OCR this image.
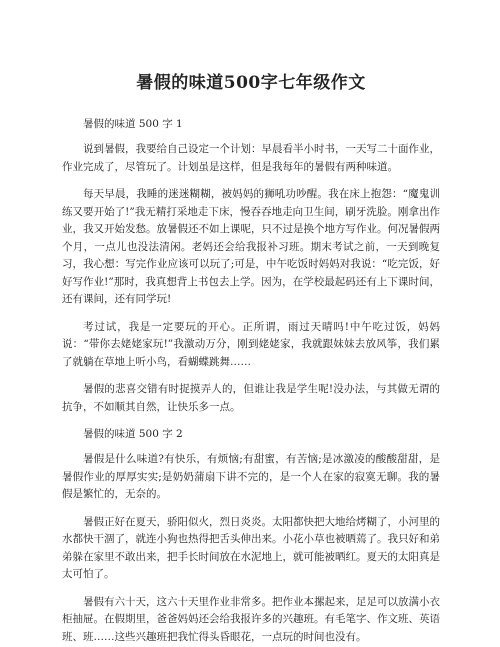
暑假的味道500字七年级作文

暑假的味道 500 字 1

说到暑假，我要给自己设定一个计划：早晨看半小时书，一天写二十面作业，作业完成了，尽管玩了。计划虽是这样，但是我每年的暑假有两种味道。

每天早晨，我睡的迷迷糊糊，被妈妈的狮吼功吵醒。我在床上抱怨：“魔鬼训练又要开始了!”我无精打采地走下床，慢吞吞地走向卫生间，刷牙洗脸。刚拿出作业，我又开始发愁。放暑假还不如上课呢，只不过是换个地方写作业。何况暑假两个月，一点儿也没法清闲。老妈还会给我报补习班。期末考试之前，一天到晚复习，我心想：写完作业应该可以玩了;可是，中午吃饭时妈妈对我说：“吃完饭，好好写作业!”那时，我真想背上书包去上学。因为，在学校最起码还有上下课时间，还有课间，还有同学玩!

考过试，我是一定要玩的开心。正所谓，雨过天晴吗!中午吃过饭，妈妈说：“带你去姥姥家玩!”我激动万分，刚到姥姥家，我就跟妹妹去放风筝，我们累了就躺在草地上听小鸟，看蝴蝶跳舞……

暑假的悲喜交错有时捉摸弄人的，但谁让我是学生呢!没办法，与其做无谓的抗争，不如顺其自然，让快乐多一点。

暑假的味道 500 字 2

暑假是什么味道?有快乐，有烦恼;有甜蜜，有苦恼;是冰激凌的酸酸甜甜，是暑假作业的厚厚实实;是奶奶蒲扇下讲不完的，是一个人在家的寂寞无聊。我的暑假是繁忙的，无奈的。

暑假正好在夏天，骄阳似火，烈日炎炎。太阳都快把大地给烤糊了，小河里的水都快干涸了，就连小狗也热得把舌头伸出来。小花小草也被晒蔫了。我只好和弟弟躲在家里不敢出来，把手长时间放在水泥地上，就可能被晒红。夏天的太阳真是太可怕了。

暑假有六十天，这六十天里作业非常多。把作业本摞起来，足足可以放满小衣柜抽屉。在假期里，爸爸妈妈还会给我报许多的兴趣班。有毛笔字、作文班、英语班、班……这些兴趣班把我忙得头昏眼花，一点玩的时间也没有。
